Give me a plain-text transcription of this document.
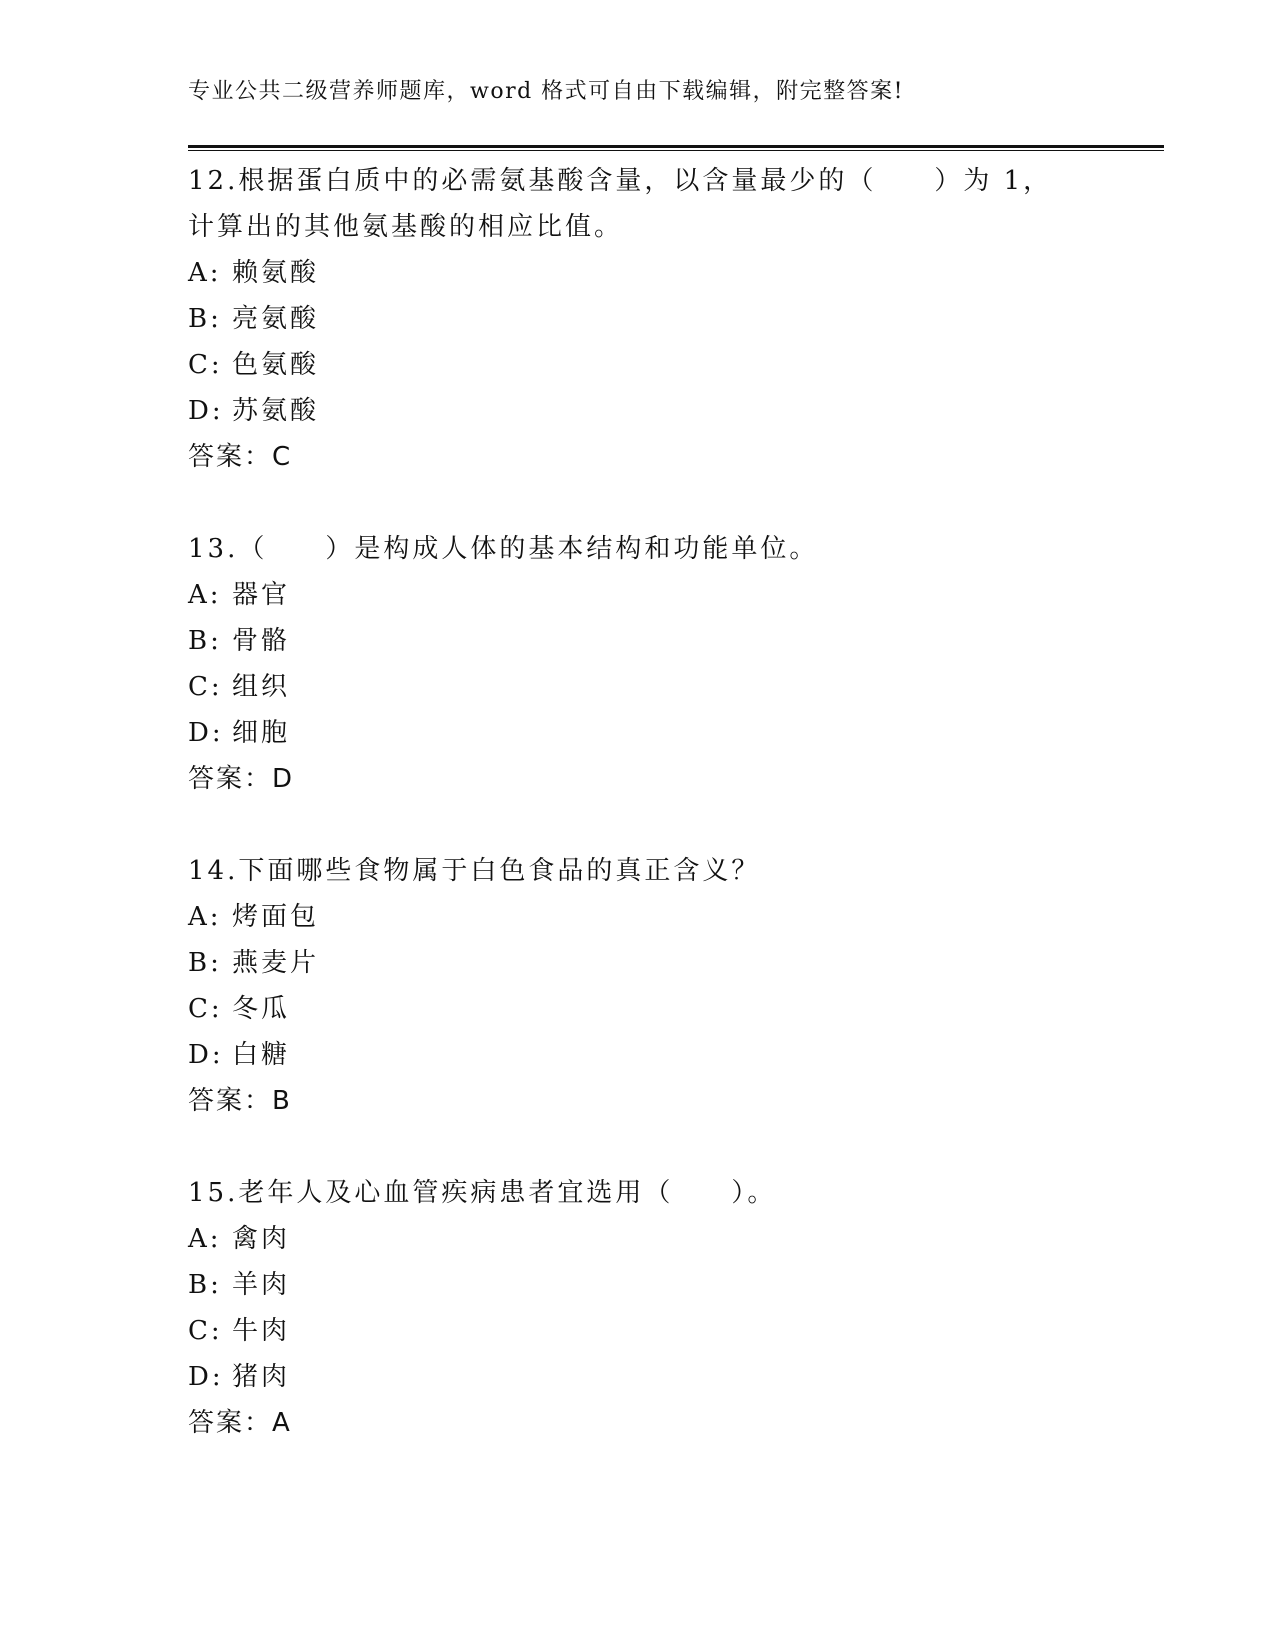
专业公共二级营养师题库，word 格式可自由下载编辑，附完整答案!

12.根据蛋白质中的必需氨基酸含量，以含量最少的（　　）为 1，计算出的其他氨基酸的相应比值。

A: 赖氨酸

B: 亮氨酸

C: 色氨酸

D: 苏氨酸

答案：C

13.（　　）是构成人体的基本结构和功能单位。

A: 器官

B: 骨骼

C: 组织

D: 细胞

答案：D

14.下面哪些食物属于白色食品的真正含义？

A: 烤面包

B: 燕麦片

C: 冬瓜

D: 白糖

答案：B

15.老年人及心血管疾病患者宜选用（　　）。

A: 禽肉

B: 羊肉

C: 牛肉

D: 猪肉

答案：A
